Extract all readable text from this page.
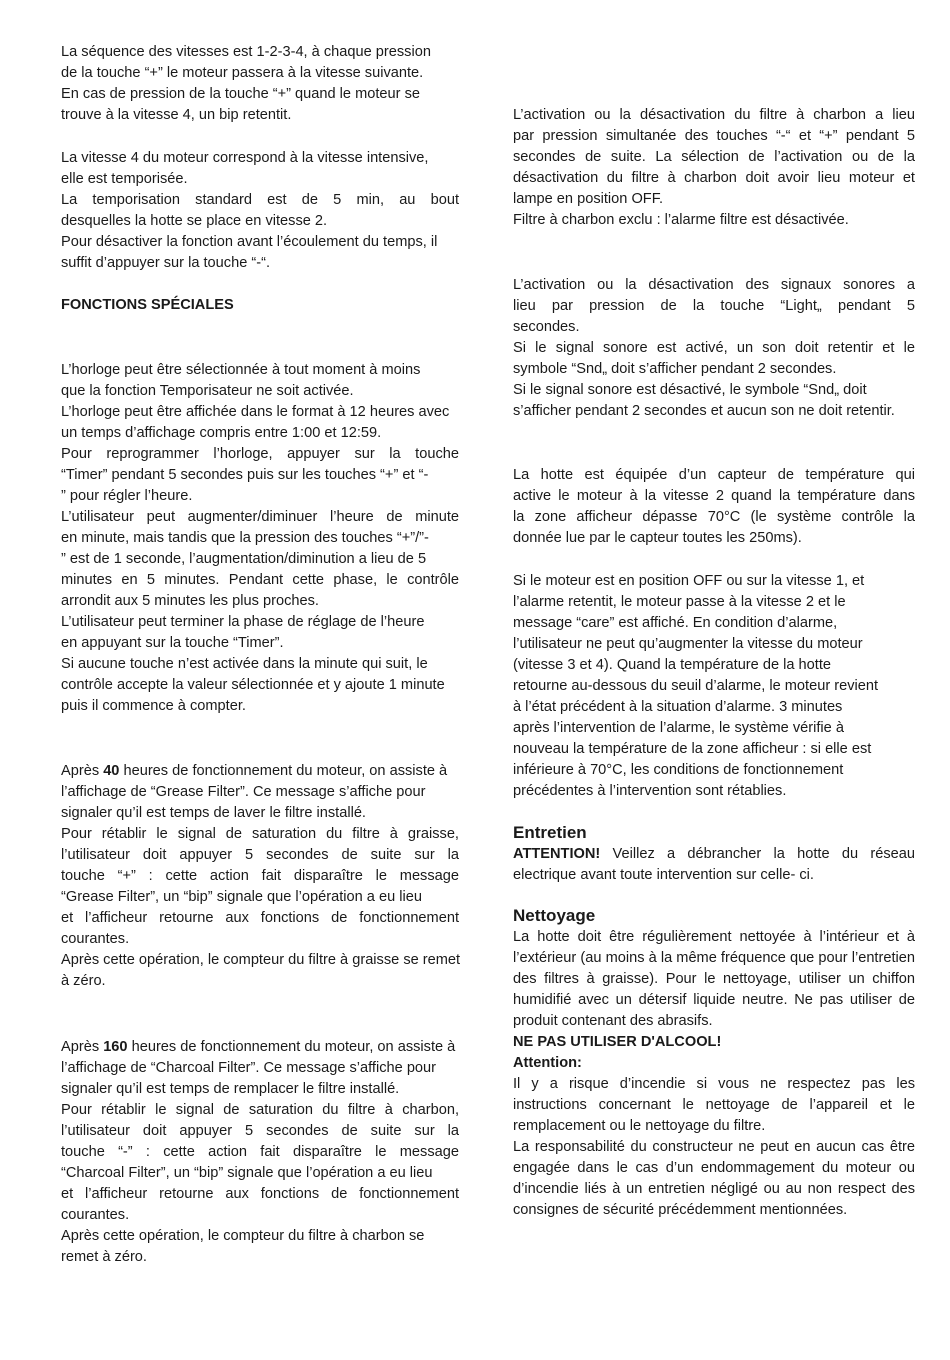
La séquence des vitesses est 1-2-3-4, à chaque pression
de la touche “+” le moteur passera à la vitesse suivante.
En cas de pression de la touche “+” quand le moteur se
trouve à la vitesse 4, un bip retentit.
La vitesse 4 du moteur correspond à la vitesse intensive,
elle est temporisée.
La temporisation standard est de 5 min, au bout
desquelles la hotte se place en vitesse 2.
Pour désactiver la fonction avant l’écoulement du temps, il
suffit d’appuyer sur la touche “-“.
FONCTIONS SPÉCIALES
L’horloge peut être sélectionnée à tout moment à moins
que la fonction Temporisateur ne soit activée.
L’horloge peut être affichée dans le format à 12 heures avec
un temps d’affichage compris entre 1:00 et 12:59.
Pour reprogrammer l’horloge, appuyer sur la touche
“Timer” pendant 5 secondes puis sur les touches “+” et “-
” pour régler l’heure.
L’utilisateur peut augmenter/diminuer l’heure de minute
en minute, mais tandis que la pression des touches “+”/”-
” est de 1 seconde, l’augmentation/diminution a lieu de 5
minutes en 5 minutes. Pendant cette phase, le contrôle
arrondit aux 5 minutes les plus proches.
L’utilisateur peut terminer la phase de réglage de l’heure
en appuyant sur la touche “Timer”.
Si aucune touche n’est activée dans la minute qui suit, le
contrôle accepte la valeur sélectionnée et y ajoute 1 minute
puis il commence à compter.
Après 40 heures de fonctionnement du moteur, on assiste à
l’affichage de “Grease Filter”. Ce message s’affiche pour
signaler qu’il est temps de laver le filtre installé.
Pour rétablir le signal de saturation du filtre à graisse,
l’utilisateur doit appuyer 5 secondes de suite sur la
touche “+” : cette action fait disparaître le message
“Grease Filter”, un “bip” signale que l’opération a eu lieu
et l’afficheur retourne aux fonctions de fonctionnement
courantes.
Après cette opération, le compteur du filtre à graisse se remet
à zéro.
Après 160 heures de fonctionnement du moteur, on assiste à
l’affichage de “Charcoal Filter”. Ce message s’affiche pour
signaler qu’il est temps de remplacer le filtre installé.
Pour rétablir le signal de saturation du filtre à charbon,
l’utilisateur doit appuyer 5 secondes de suite sur la
touche “-” : cette action fait disparaître le message
“Charcoal Filter”, un “bip” signale que l’opération a eu lieu
et l’afficheur retourne aux fonctions de fonctionnement
courantes.
Après cette opération, le compteur du filtre à charbon se
remet à zéro.
L’activation ou la désactivation du filtre à charbon a lieu
par pression simultanée des touches “-“ et “+” pendant 5
secondes de suite. La sélection de l’activation ou de la
désactivation du filtre à charbon doit avoir lieu moteur et
lampe en position OFF.
Filtre à charbon exclu : l’alarme filtre est désactivée.
L’activation ou la désactivation des signaux sonores a
lieu par pression de la touche “Light„ pendant 5
secondes.
Si le signal sonore est activé, un son doit retentir et le
symbole “Snd„ doit s’afficher pendant 2 secondes.
Si le signal sonore est désactivé, le symbole “Snd„ doit
s’afficher pendant 2 secondes et aucun son ne doit retentir.
La hotte est équipée d’un capteur de température qui
active le moteur à la vitesse 2 quand la température dans
la zone afficheur dépasse 70°C (le système contrôle la
donnée lue par le capteur toutes les 250ms).
Si le moteur est en position OFF ou sur la vitesse 1, et
l’alarme retentit, le moteur passe à la vitesse 2 et le
message “care” est affiché. En condition d’alarme,
l’utilisateur ne peut qu’augmenter la vitesse du moteur
(vitesse 3 et 4). Quand la température de la hotte
retourne au-dessous du seuil d’alarme, le moteur revient
à l’état précédent à la situation d’alarme. 3 minutes
après l’intervention de l’alarme, le système vérifie à
nouveau la température de la zone afficheur : si elle est
inférieure à 70°C, les conditions de fonctionnement
précédentes à l’intervention sont rétablies.
Entretien
ATTENTION! Veillez a débrancher la hotte du réseau
electrique avant toute intervention sur celle- ci.
Nettoyage
La hotte doit être régulièrement nettoyée à l’intérieur et à
l’extérieur (au moins à la même fréquence que pour l’entretien
des filtres à graisse). Pour le nettoyage, utiliser un chiffon
humidifié avec un détersif liquide neutre. Ne pas utiliser de
produit contenant des abrasifs.
NE PAS UTILISER D'ALCOOL!
Attention:
Il y a risque d’incendie si vous ne respectez pas les
instructions concernant le nettoyage de l’appareil et le
remplacement ou le nettoyage du filtre.
La responsabilité du constructeur ne peut en aucun cas être
engagée dans le cas d’un endommagement du moteur ou
d’incendie liés à un entretien négligé ou au non respect des
consignes de sécurité précédemment mentionnées.
